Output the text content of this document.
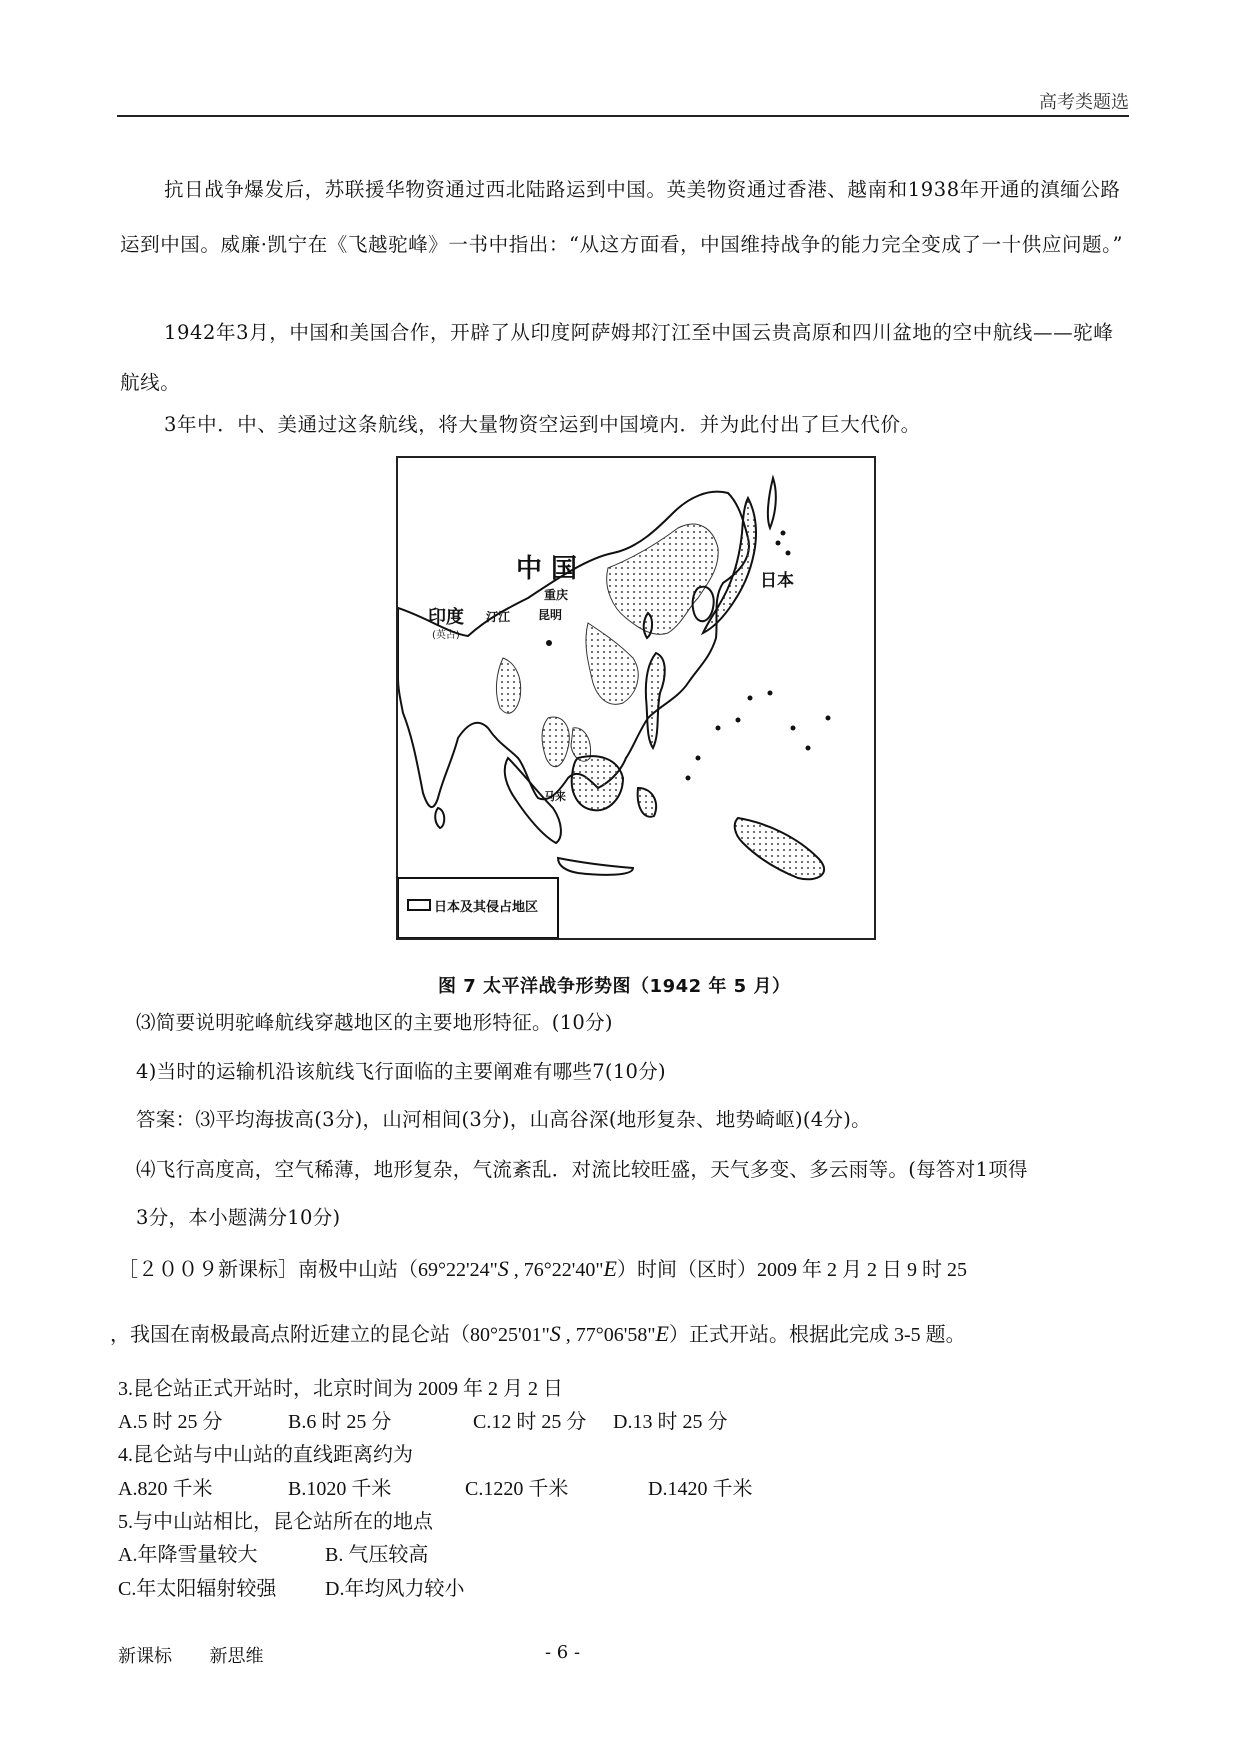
高考类题选
抗日战争爆发后，苏联援华物资通过西北陆路运到中国。英美物资通过香港、越南和1938年开通的滇缅公路运到中国。威廉·凯宁在《飞越驼峰》一书中指出：“从这方面看，中国维持战争的能力完全变成了一十供应问题。”
1942年3月，中国和美国合作，开辟了从印度阿萨姆邦汀江至中国云贵高原和四川盆地的空中航线——驼峰航线。
3年中．中、美通过这条航线，将大量物资空运到中国境内．并为此付出了巨大代价。
中 国	日本
印度
(英占)
汀江
重庆
昆明
马来
日本及其侵占地区
图 7 太平洋战争形势图（1942 年 5 月）
⑶简要说明驼峰航线穿越地区的主要地形特征。(10分)
4)当时的运输机沿该航线飞行面临的主要阐难有哪些7(10分)
答案：⑶平均海拔高(3分)，山河相间(3分)，山高谷深(地形复杂、地势崎岖)(4分)。
⑷飞行高度高，空气稀薄，地形复杂，气流紊乱．对流比较旺盛，天气多变、多云雨等。(每答对1项得
3分，本小题满分10分)
［２００９新课标］南极中山站（69°22'24"S , 76°22'40"E）时间（区时）2009 年 2 月 2 日 9 时 25
，我国在南极最高点附近建立的昆仑站（80°25'01"S , 77°06'58"E）正式开站。根据此完成 3-5 题。
3.昆仑站正式开站时，北京时间为 2009 年 2 月 2 日
A.5 时 25 分	B.6 时 25 分	C.12 时 25 分 D.13 时 25 分
4.昆仑站与中山站的直线距离约为
A.820 千米	B.1020 千米	C.1220 千米	D.1420 千米
5.与中山站相比，昆仑站所在的地点
A.年降雪量较大	B. 气压较高
C.年太阳辐射较强 D.年均风力较小
新课标 新思维	- 6 -
